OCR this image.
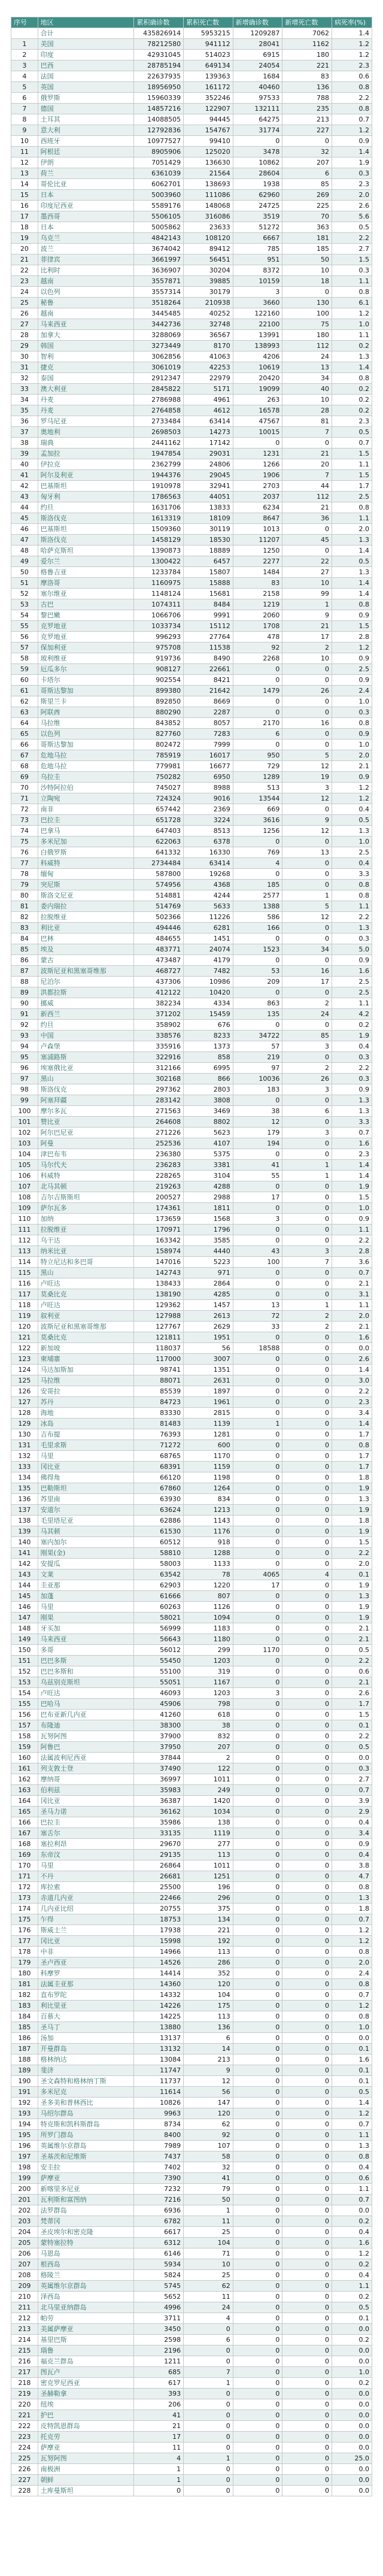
序号	地区	累积确诊数	累积死亡数	新增确诊数	新增死亡数	病死率(%)
	合计	435826914	5953215	1209287	7062	1.4
1	美国	78212580	941112	28041	1162	1.2
2	印度	42931045	514023	6915	180	1.2
3	巴西	28785194	649134	24054	221	2.3
4	法国	22637935	139363	1684	83	0.6
5	英国	18956950	161172	40460	136	0.8
6	俄罗斯	15960339	352246	97533	788	2.2
7	德国	14857216	122907	132111	235	0.8
8	土耳其	14088505	94445	64275	213	0.7
9	意大利	12792836	154767	31774	227	1.2
10	西班牙	10977527	99410	0	0	0.9
11	阿根廷	8905906	125020	3478	32	1.4
12	伊朗	7051429	136630	10862	207	1.9
13	荷兰	6361039	21564	28604	6	0.3
14	哥伦比亚	6062701	138693	1938	85	2.3
15	日本	5003960	111086	62960	269	2.0
16	印度尼西亚	5589176	148068	24725	225	2.6
17	墨西哥	5506105	316086	3519	70	5.6
18	日本	5005862	23633	51272	363	0.5
19	乌克兰	4842143	108120	6667	181	2.2
20	波兰	3674042	89412	785	185	2.7
21	菲律宾	3661997	56451	951	50	1.5
22	比利时	3636907	30204	8372	10	0.3
23	越南	3557871	39885	10159	18	1.1
24	以色列	3557314	30179	3	0	0.8
25	秘鲁	3518264	210938	3660	130	6.1
26	越南	3445485	40252	122160	100	1.2
27	马来西亚	3442736	32748	22100	75	1.0
28	加拿大	3288069	36567	13991	180	1.1
29	韩国	3273449	8170	138993	112	0.2
30	智利	3062856	41063	4206	24	1.3
31	捷克	3061019	42253	10619	13	1.4
32	泰国	2912347	22979	20420	34	0.8
33	澳大利亚	2845822	5171	19099	40	0.2
34	丹麦	2786988	4961	263	10	0.2
35	丹麦	2764858	4612	16578	28	0.2
36	罗马尼亚	2733484	63414	47567	81	2.3
37	奥地利	2698503	14273	10015	7	0.5
38	瑞典	2441162	17142	0	0	0.7
39	孟加拉	1947854	29031	1231	21	1.5
40	伊拉克	2362799	24806	1266	20	1.1
41	阿尔及利亚	1944376	29045	1906	7	1.5
42	巴基斯坦	1910978	32941	2703	44	1.7
43	匈牙利	1786563	44051	2037	112	2.5
44	约旦	1631706	13833	6234	21	0.8
45	斯洛伐克	1613319	18109	8647	36	1.1
46	巴基斯坦	1509360	30119	1013	0	2.0
47	斯洛伐克	1458129	18530	11207	45	1.3
48	哈萨克斯坦	1390873	18889	1250	0	1.4
49	爱尔兰	1300422	6457	2277	22	0.5
50	格鲁吉亚	1233784	15807	1484	27	1.3
51	摩洛哥	1160975	15888	83	10	1.4
52	塞尔维亚	1148124	15681	2158	99	1.4
53	古巴	1074311	8484	1219	1	0.8
54	黎巴嫩	1066706	9991	2060	9	0.9
55	克罗地亚	1033734	15112	1708	21	1.5
56	克罗地亚	996293	27764	478	17	2.8
57	保加利亚	975708	11538	92	2	1.2
58	玻利维亚	919736	8490	2268	10	0.9
59	厄瓜多尔	908127	22661	0	0	2.5
60	卡塔尔	902554	8421	0	0	0.9
61	哥斯达黎加	899380	21642	1479	26	2.4
62	斯里兰卡	892850	8669	0	0	1.0
63	阿联酋	880290	2287	0	0	0.3
64	马拉维	843852	8057	2170	16	0.8
65	以色列	827760	7283	6	0	0.9
66	哥斯达黎加	802472	7999	0	0	1.0
67	危地马拉	785919	16017	950	5	2.0
68	危地马拉	779981	16677	729	12	2.1
69	乌拉圭	750282	6950	1289	19	0.9
70	沙特阿拉伯	745027	8988	513	3	1.2
71	立陶宛	724324	9016	13544	12	1.2
72	南非	657442	2369	669	0	0.4
73	巴拉圭	651728	3224	3616	9	0.5
74	巴拿马	647403	8513	1256	12	1.3
75	多米尼加	622063	6378	0	0	1.0
76	白俄罗斯	641332	16330	769	13	2.5
77	科威特	2734484	63414	4	0	0.4
78	缅甸	587800	19268	0	0	3.3
79	突尼斯	574956	4368	185	0	0.8
80	斯洛文尼亚	514881	4244	2577	1	0.8
81	委内瑞拉	514769	5633	1388	5	1.1
82	拉脱维亚	502366	11226	586	12	2.2
83	利比亚	494446	6281	166	0	1.3
84	巴林	484655	1451	0	0	0.3
85	埃及	483771	24074	1523	34	5.0
86	蒙古	473487	4179	0	0	0.9
87	波斯尼亚和黑塞哥维那	468727	7482	53	16	1.6
88	尼泊尔	437306	10986	209	17	2.5
89	洪都拉斯	412122	10420	0	0	2.5
90	挪威	382234	4334	863	2	1.1
91	新西兰	371202	15459	135	24	4.2
92	约旦	358902	676	0	0	0.2
93	中国	338576	8233	34722	85	1.9
94	卢森堡	335916	1373	57	3	0.4
95	塞浦路斯	322916	858	219	0	0.3
96	埃塞俄比亚	312166	6995	97	2	2.2
97	黑山	302168	866	10036	26	0.3
98	斯洛伐克	297362	2803	183	3	0.9
99	阿塞拜疆	283142	3808	0	0	1.3
100	摩尔多瓦	271563	3469	38	6	1.3
101	赞比亚	264608	8802	12	0	3.3
102	阿尔巴尼亚	271226	5623	179	3	0.7
103	阿曼	252536	4107	194	0	1.6
104	津巴布韦	236380	5375	0	0	2.3
105	马尔代夫	236283	3381	41	1	1.4
106	科威特	228265	3104	55	1	1.4
107	北马其顿	219263	4288	0	0	1.9
108	吉尔吉斯斯坦	200527	2988	17	0	1.5
109	萨尔瓦多	174361	1811	0	0	1.0
110	加纳	173659	1568	3	0	0.9
111	拉脱维亚	170971	1796	0	0	1.1
112	乌干达	163342	3585	0	0	2.2
113	纳米比亚	158974	4440	43	3	2.8
114	特立尼达和多巴哥	147016	5223	100	7	3.6
115	黑山	142743	971	0	0	0.7
116	卢旺达	138433	2864	0	0	2.1
117	莫桑比克	138190	4285	0	0	3.1
118	卢旺达	129362	1457	13	1	1.1
119	叙利亚	127988	2613	72	2	2.0
120	波斯尼亚和黑塞哥维那	127767	2629	33	2	2.1
121	莫桑比克	121811	1951	0	0	1.6
122	新加坡	118037	56	18588	0	0.0
123	柬埔寨	117000	3007	0	0	2.6
124	马达加斯加	98741	1351	0	0	1.4
125	马拉维	88071	2631	0	0	3.0
126	安哥拉	85539	1897	0	0	2.2
127	苏丹	84723	1961	0	0	2.3
128	海地	83330	2815	0	0	3.4
129	冰岛	81483	1139	1	0	1.4
130	吉布提	76393	1281	0	0	1.7
131	毛里求斯	71272	600	0	0	0.8
132	马里	68765	1170	0	0	1.7
133	冈比亚	68391	1159	0	0	1.7
134	佛得角	66120	1198	0	0	1.8
135	巴勒斯坦	67860	1264	0	0	1.9
136	苏里南	63930	834	0	0	1.3
137	安道尔	63624	1213	0	0	1.9
138	毛里塔尼亚	62886	1143	0	0	1.8
139	马其顿	61530	1176	0	0	1.9
140	塞内加尔	60512	918	0	0	1.5
141	刚果(金)	58810	1288	0	0	2.2
142	安提瓜	58003	1133	0	0	2.0
143	文莱	63542	78	4065	4	0.1
144	圭亚那	62903	1220	17	0	1.9
145	加蓬	61666	807	0	0	1.3
146	马里	60263	1126	0	0	1.9
147	刚果	58021	1094	0	0	1.9
148	牙买加	56999	1183	0	0	2.1
149	马来西亚	56643	1180	0	0	2.1
150	多哥	56012	299	1170	0	0.5
151	巴巴多斯	55450	1203	0	0	2.2
152	巴巴多斯和	55100	319	0	0	0.6
153	乌兹别克斯坦	55051	1167	0	0	2.1
154	卢旺达	46093	1203	3	0	2.6
155	巴哈马	45906	798	0	0	1.7
156	巴布亚新几内亚	41260	618	0	0	1.5
157	布隆迪	38300	38	0	0	0.1
158	瓦努阿图	37900	832	0	0	2.2
159	阿鲁巴	37950	207	0	0	0.5
160	法属波利尼西亚	37844	2	0	0	0.0
161	列支敦士登	37490	122	0	0	0.3
162	摩纳哥	36997	1011	0	0	2.7
163	伯利兹	35983	249	0	0	0.7
164	冈比亚	36387	1420	0	0	3.9
165	圣马力诺	36162	1034	0	0	2.9
166	巴拉圭	35986	138	0	0	0.4
167	塞舌尔	33135	1119	0	0	3.4
168	塞拉利昂	29670	277	0	0	0.9
169	东帝汶	29135	113	0	0	0.4
170	马里	26864	1011	0	0	3.8
171	不丹	26681	1251	0	0	4.7
172	库拉索	25500	196	0	0	0.8
173	赤道几内亚	22466	296	0	0	1.3
174	几内亚比绍	20755	375	0	0	1.8
175	乍得	18753	134	0	0	0.7
176	斯威士兰	17938	221	0	0	1.2
177	冈比亚	15998	192	0	0	1.2
178	中非	14966	113	0	0	0.8
179	圣卢西亚	14526	286	0	0	2.0
180	科摩罗	14414	352	0	0	2.4
181	法属圭亚那	14360	120	0	0	0.8
182	直布罗陀	14332	104	0	0	0.7
183	利比里亚	14226	175	0	0	1.2
184	百慕大	14225	113	0	0	0.8
185	圣马丁	13880	136	0	0	1.0
186	汤加	13137	6	0	0	0.0
187	开曼群岛	13132	14	0	0	0.1
188	格林纳达	13084	213	0	0	1.6
189	斐济	11747	9	0	0	0.1
190	圣文森特和格林纳丁斯	11737	12	0	0	0.1
191	多米尼克	11614	56	0	0	0.5
192	圣多美和普林西比	10826	147	0	0	1.4
193	马绍尔群岛	9963	120	0	0	1.2
194	特克斯和凯科斯群岛	8734	62	0	0	0.7
195	所罗门群岛	8400	92	0	0	1.1
196	英属维尔京群岛	7989	107	0	0	1.3
197	圣基茨和尼维斯	7437	58	0	0	0.8
198	安圭拉	7402	32	0	0	0.4
199	萨摩亚	7390	41	0	0	0.6
200	新喀里多尼亚	7232	79	0	0	1.1
201	瓦利斯和富图纳	7216	50	0	0	0.7
202	法罗群岛	6936	1	0	0	0.0
203	梵蒂冈	6782	11	0	0	0.2
204	圣皮埃尔和密克隆	6617	25	0	0	0.4
205	蒙特塞拉特	6312	104	0	0	1.6
206	马恩岛	6146	71	0	0	1.2
207	根西岛	5934	10	0	0	0.2
208	格陵兰	5824	25	0	0	0.4
209	英属维尔京群岛	5745	62	0	0	1.1
210	泽西岛	5652	11	0	0	0.2
211	北马里亚纳群岛	4996	24	0	0	0.5
212	帕劳	3711	4	0	0	0.1
213	美属萨摩亚	3450	0	0	0	0.0
214	基里巴斯	2598	6	0	0	0.2
215	瑙鲁	2196	0	0	0	0.0
216	福克兰群岛	1211	0	0	0	0.0
217	图瓦卢	685	7	0	0	1.0
218	密克罗尼西亚	617	1	0	0	0.2
219	圣赫勒拿	393	0	0	0	0.0
220	纽埃	206	0	0	0	0.0
221	护巴	41	0	0	0	0.0
222	皮特凯恩群岛	21	0	0	0	0.0
223	托克劳	17	0	0	0	0.0
224	萨摩亚	11	0	0	0	0.0
225	瓦努阿图	4	1	0	0	25.0
226	南极洲	1	0	0	0	0.0
227	朝鲜	1	0	0	0	0.0
228	土库曼斯坦	0	0	0	0	0.0
